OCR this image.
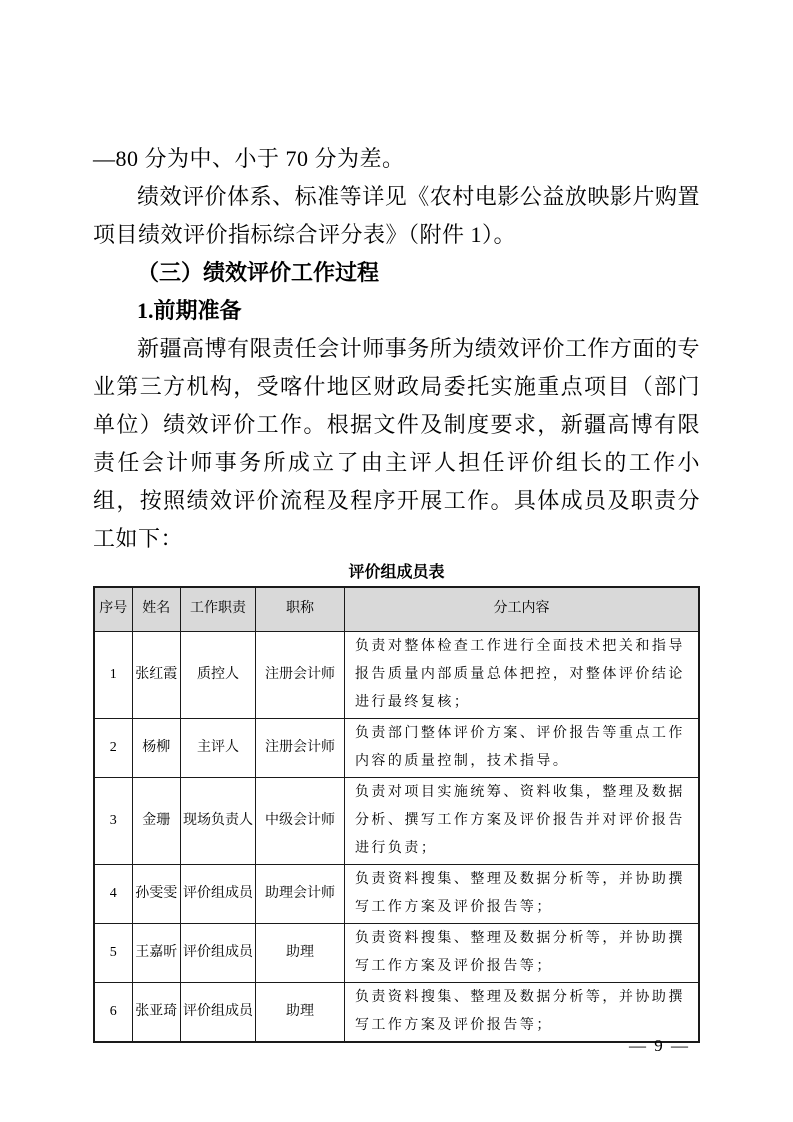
—80 分为中、小于 70 分为差。

绩效评价体系、标准等详见《农村电影公益放映影片购置项目绩效评价指标综合评分表》（附件 1）。

（三）绩效评价工作过程
1.前期准备

新疆高博有限责任会计师事务所为绩效评价工作方面的专业第三方机构，受喀什地区财政局委托实施重点项目（部门单位）绩效评价工作。根据文件及制度要求，新疆高博有限责任会计师事务所成立了由主评人担任评价组长的工作小组，按照绩效评价流程及程序开展工作。具体成员及职责分工如下：

评价组成员表

序号	姓名	工作职责	职称	分工内容
1	张红霞	质控人	注册会计师	负责对整体检查工作进行全面技术把关和指导报告质量内部质量总体把控，对整体评价结论进行最终复核；
2	杨柳	主评人	注册会计师	负责部门整体评价方案、评价报告等重点工作内容的质量控制，技术指导。
3	金珊	现场负责人	中级会计师	负责对项目实施统筹、资料收集，整理及数据分析、撰写工作方案及评价报告并对评价报告进行负责；
4	孙雯雯	评价组成员	助理会计师	负责资料搜集、整理及数据分析等，并协助撰写工作方案及评价报告等；
5	王嘉昕	评价组成员	助理	负责资料搜集、整理及数据分析等，并协助撰写工作方案及评价报告等；
6	张亚琦	评价组成员	助理	负责资料搜集、整理及数据分析等，并协助撰写工作方案及评价报告等；
— 9 —
